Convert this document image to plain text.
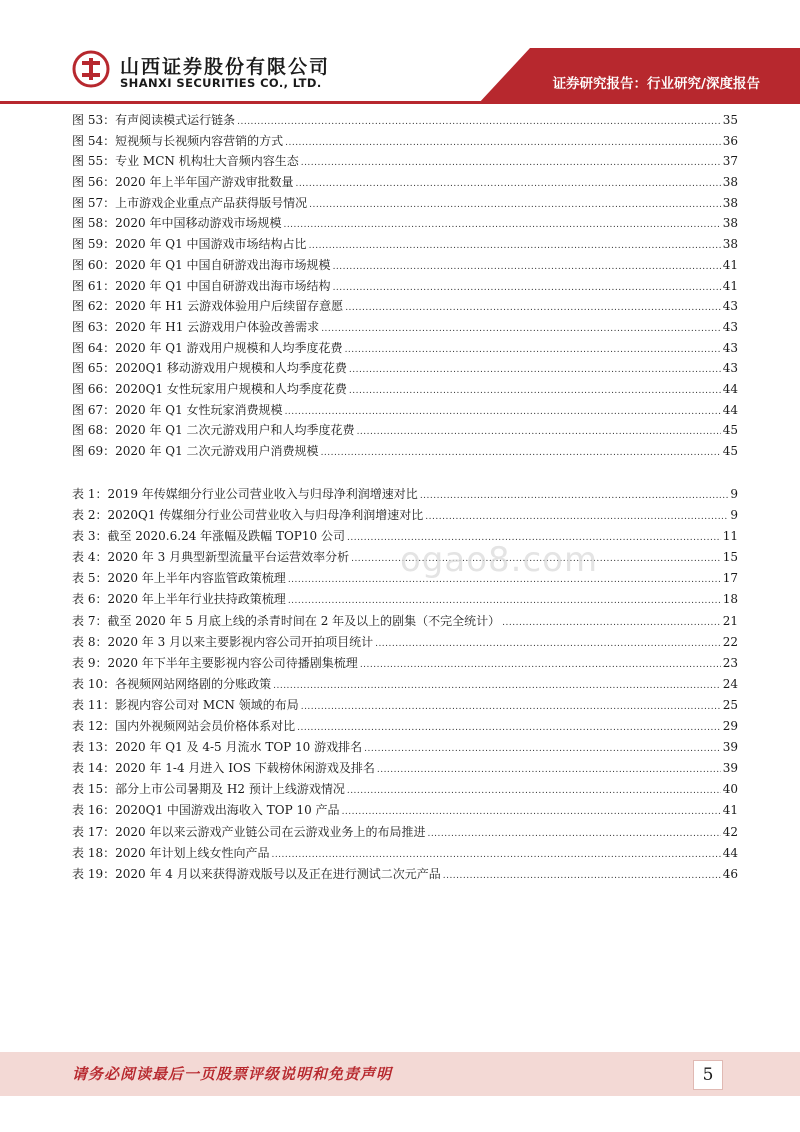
山西证券股份有限公司
SHANXI SECURITIES CO., LTD.	证券研究报告：行业研究/深度报告
图 53： 有声阅读模式运行链条 .....	35
图 54： 短视频与长视频内容营销的方式 .....	36
图 55： 专业 MCN 机构壮大音频内容生态 .....	37
图 56： 2020 年上半年国产游戏审批数量 .....	38
图 57： 上市游戏企业重点产品获得版号情况 .....	38
图 58： 2020 年中国移动游戏市场规模 .....	38
图 59： 2020 年 Q1 中国游戏市场结构占比 .....	38
图 60： 2020 年 Q1 中国自研游戏出海市场规模 .....	41
图 61： 2020 年 Q1 中国自研游戏出海市场结构 .....	41
图 62： 2020 年 H1 云游戏体验用户后续留存意愿 .....	43
图 63： 2020 年 H1 云游戏用户体验改善需求 .....	43
图 64： 2020 年 Q1 游戏用户规模和人均季度花费 .....	43
图 65： 2020Q1 移动游戏用户规模和人均季度花费 .....	43
图 66： 2020Q1 女性玩家用户规模和人均季度花费 .....	44
图 67： 2020 年 Q1 女性玩家消费规模 .....	44
图 68： 2020 年 Q1 二次元游戏用户和人均季度花费 .....	45
图 69： 2020 年 Q1 二次元游戏用户消费规模 .....	45
表 1： 2019 年传媒细分行业公司营业收入与归母净利润增速对比 .....	9
表 2： 2020Q1 传媒细分行业公司营业收入与归母净利润增速对比 .....	9
表 3： 截至 2020.6.24 年涨幅及跌幅 TOP10 公司 .....	11
表 4： 2020 年 3 月典型新型流量平台运营效率分析 .....	15
表 5： 2020 年上半年内容监管政策梳理 .....	17
表 6： 2020 年上半年行业扶持政策梳理 .....	18
表 7： 截至 2020 年 5 月底上线的杀青时间在 2 年及以上的剧集（不完全统计） .....	21
表 8： 2020 年 3 月以来主要影视内容公司开拍项目统计 .....	22
表 9： 2020 年下半年主要影视内容公司待播剧集梳理 .....	23
表 10： 各视频网站网络剧的分账政策 .....	24
表 11： 影视内容公司对 MCN 领域的布局 .....	25
表 12： 国内外视频网站会员价格体系对比 .....	29
表 13： 2020 年 Q1 及 4-5 月流水 TOP 10 游戏排名 .....	39
表 14： 2020 年 1-4 月进入 IOS 下载榜休闲游戏及排名 .....	39
表 15： 部分上市公司暑期及 H2 预计上线游戏情况 .....	40
表 16： 2020Q1 中国游戏出海收入 TOP 10 产品 .....	41
表 17： 2020 年以来云游戏产业链公司在云游戏业务上的布局推进 .....	42
表 18： 2020 年计划上线女性向产品 .....	44
表 19： 2020 年 4 月以来获得游戏版号以及正在进行测试二次元产品 .....	46
ogao8.com
请务必阅读最后一页股票评级说明和免责声明	5
